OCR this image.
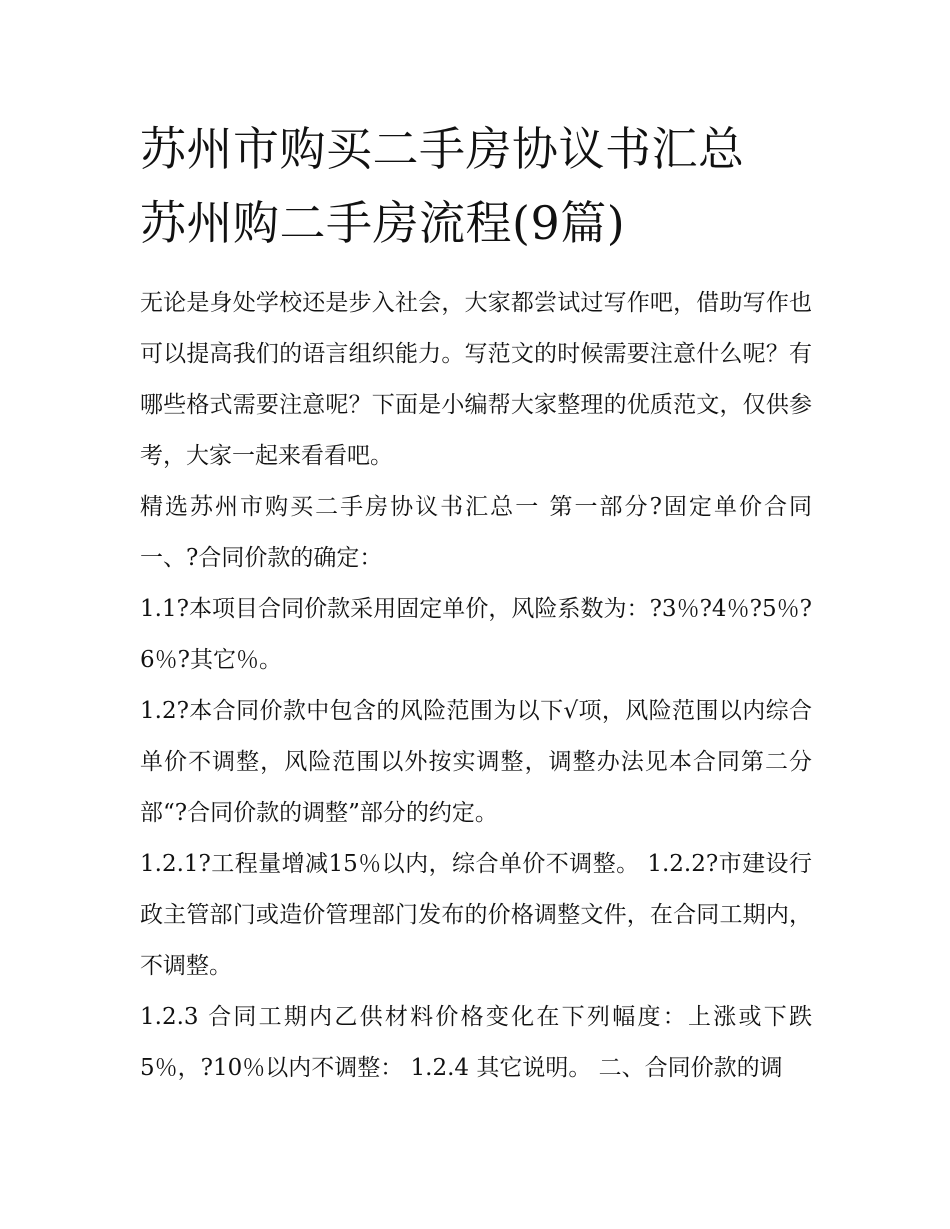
苏州市购买二手房协议书汇总
苏州购二手房流程(9篇)

无论是身处学校还是步入社会，大家都尝试过写作吧，借助写作也可以提高我们的语言组织能力。写范文的时候需要注意什么呢？有哪些格式需要注意呢？下面是小编帮大家整理的优质范文，仅供参考，大家一起来看看吧。

精选苏州市购买二手房协议书汇总一 第一部分?固定单价合同 一、?合同价款的确定：

1.1?本项目合同价款采用固定单价，风险系数为：?3％?4％?5％?6％?其它％。

1.2?本合同价款中包含的风险范围为以下√项，风险范围以内综合单价不调整，风险范围以外按实调整，调整办法见本合同第二分部“?合同价款的调整”部分的约定。

1.2.1?工程量增减15％以内，综合单价不调整。 1.2.2?市建设行政主管部门或造价管理部门发布的价格调整文件，在合同工期内，不调整。

1.2.3 合同工期内乙供材料价格变化在下列幅度：上涨或下跌5％，?10％以内不调整： 1.2.4 其它说明。 二、合同价款的调
